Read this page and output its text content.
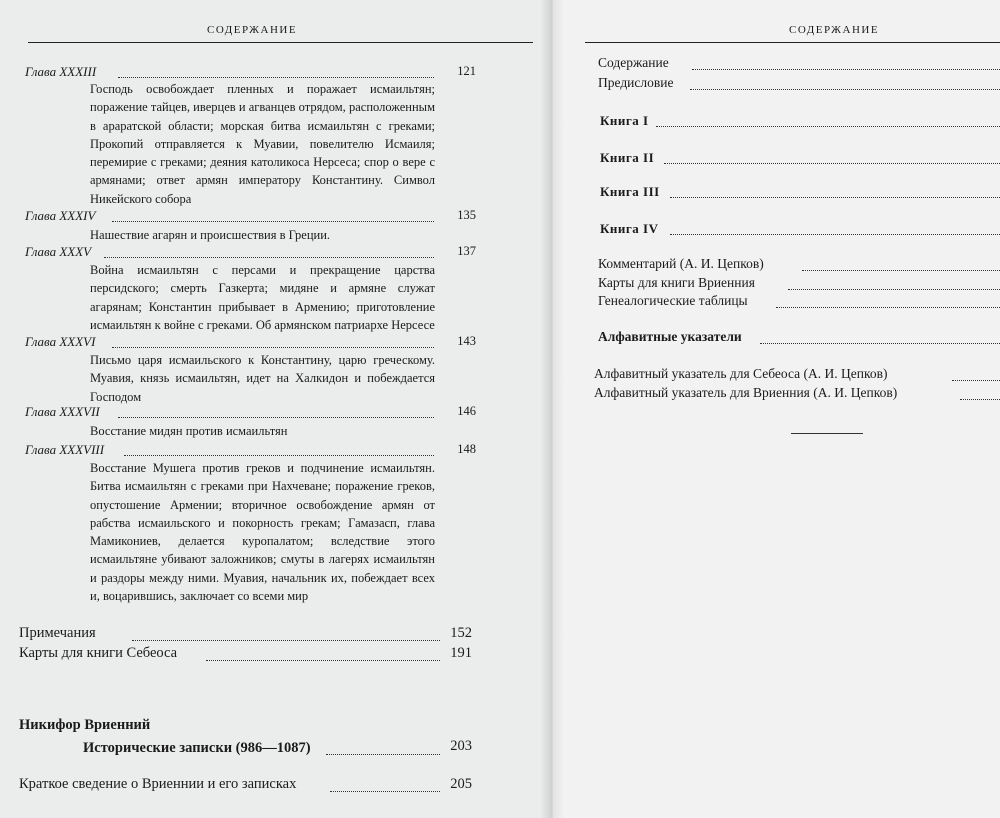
СОДЕРЖАНИЕ
Глава XXXIII	121

Господь освобождает пленных и поражает исмаильтян; поражение тайцев, иверцев и агванцев отрядом, расположенным в араратской области; морская битва исмаильтян с греками; Прокопий отправляется к Муавии, повелителю Исмаиля; перемирие с греками; деяния католикоса Нерсеса; спор о вере с армянами; ответ армян императору Константину. Символ Никейского собора

Глава XXXIV	135

Нашествие агарян и происшествия в Греции.

Глава XXXV	137

Война исмаильтян с персами и прекращение царства персидского; смерть Газкерта; мидяне и армяне служат агарянам; Константин прибывает в Армению; приготовление исмаильтян к войне с греками. Об армянском патриархе Нерсесе

Глава XXXVI	143

Письмо царя исмаильского к Константину, царю греческому. Муавия, князь исмаильтян, идет на Халкидон и побеждается Господом

Глава XXXVII	146

Восстание мидян против исмаильтян

Глава XXXVIII	148

Восстание Мушега против греков и подчинение исмаильтян. Битва исмаильтян с греками при Нахчеване; поражение греков, опустошение Армении; вторичное освобождение армян от рабства исмаильского и покорность грекам; Гамазасп, глава Мамикониев, делается куропалатом; вследствие этого исмаильтяне убивают заложников; смуты в лагерях исмаильтян и раздоры между ними. Муавия, начальник их, побеждает всех и, воцарившись, заключает со всеми мир

Примечания	152
Карты для книги Себеоса	191
Никифор Вриенний
Исторические записки (986—1087)	203
Краткое сведение о Вриеннии и его записках	205
СОДЕРЖАНИЕ
Содержание
Предисловие
Книга I
Книга II
Книга III
Книга IV
Комментарий (А. И. Цепков)
Карты для книги Вриенния
Генеалогические таблицы
Алфавитные указатели
Алфавитный указатель для Себеоса (А. И. Цепков)
Алфавитный указатель для Вриенния (А. И. Цепков)
